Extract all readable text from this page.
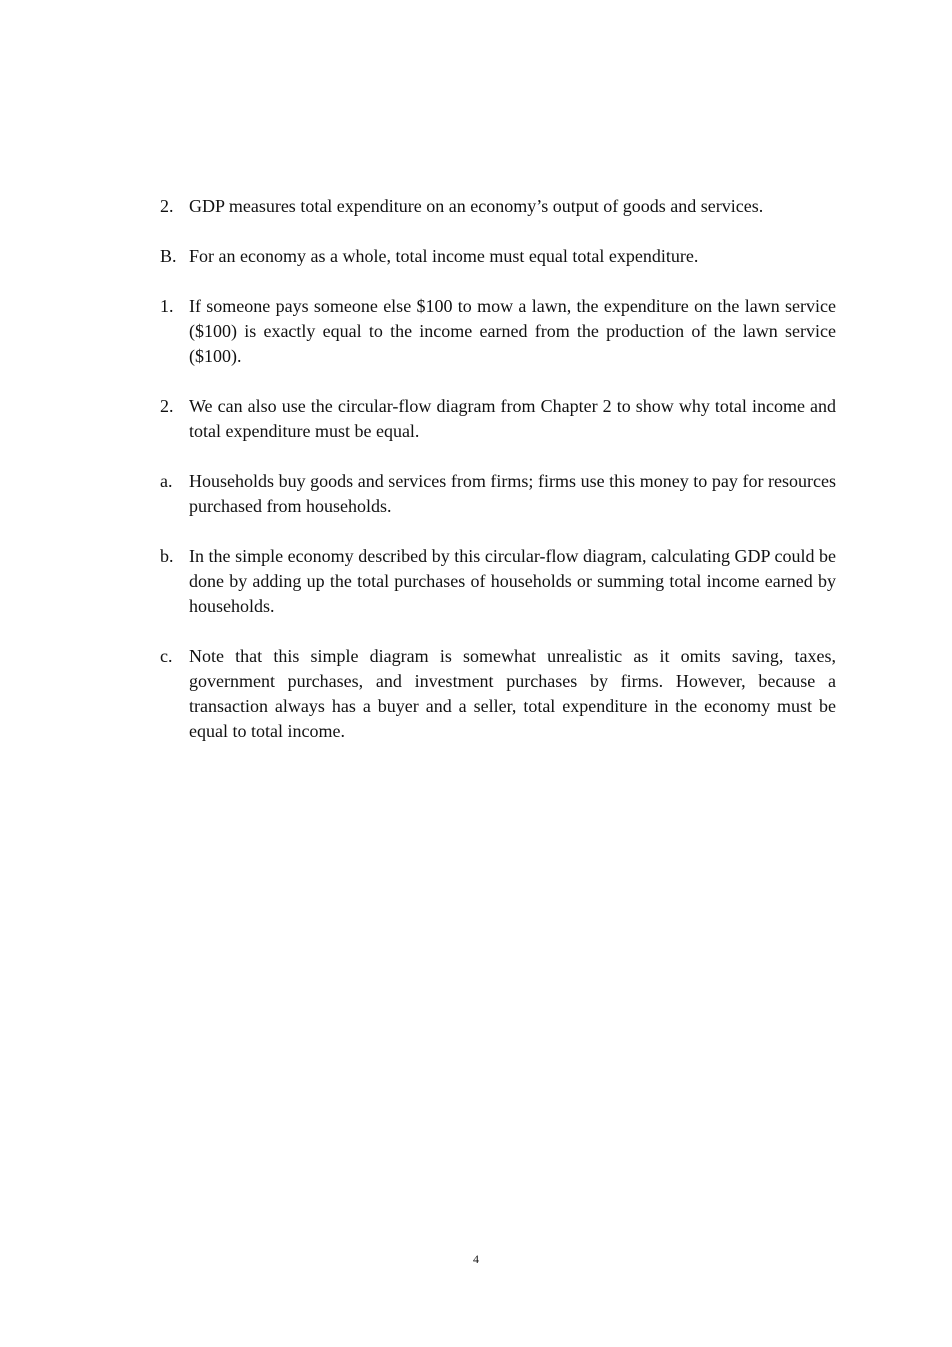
2. GDP measures total expenditure on an economy’s output of goods and services.
B. For an economy as a whole, total income must equal total expenditure.
1. If someone pays someone else $100 to mow a lawn, the expenditure on the lawn service ($100) is exactly equal to the income earned from the production of the lawn service ($100).
2. We can also use the circular-flow diagram from Chapter 2 to show why total income and total expenditure must be equal.
a. Households buy goods and services from firms; firms use this money to pay for resources purchased from households.
b. In the simple economy described by this circular-flow diagram, calculating GDP could be done by adding up the total purchases of households or summing total income earned by households.
c. Note that this simple diagram is somewhat unrealistic as it omits saving, taxes, government purchases, and investment purchases by firms. However, because a transaction always has a buyer and a seller, total expenditure in the economy must be equal to total income.
4
